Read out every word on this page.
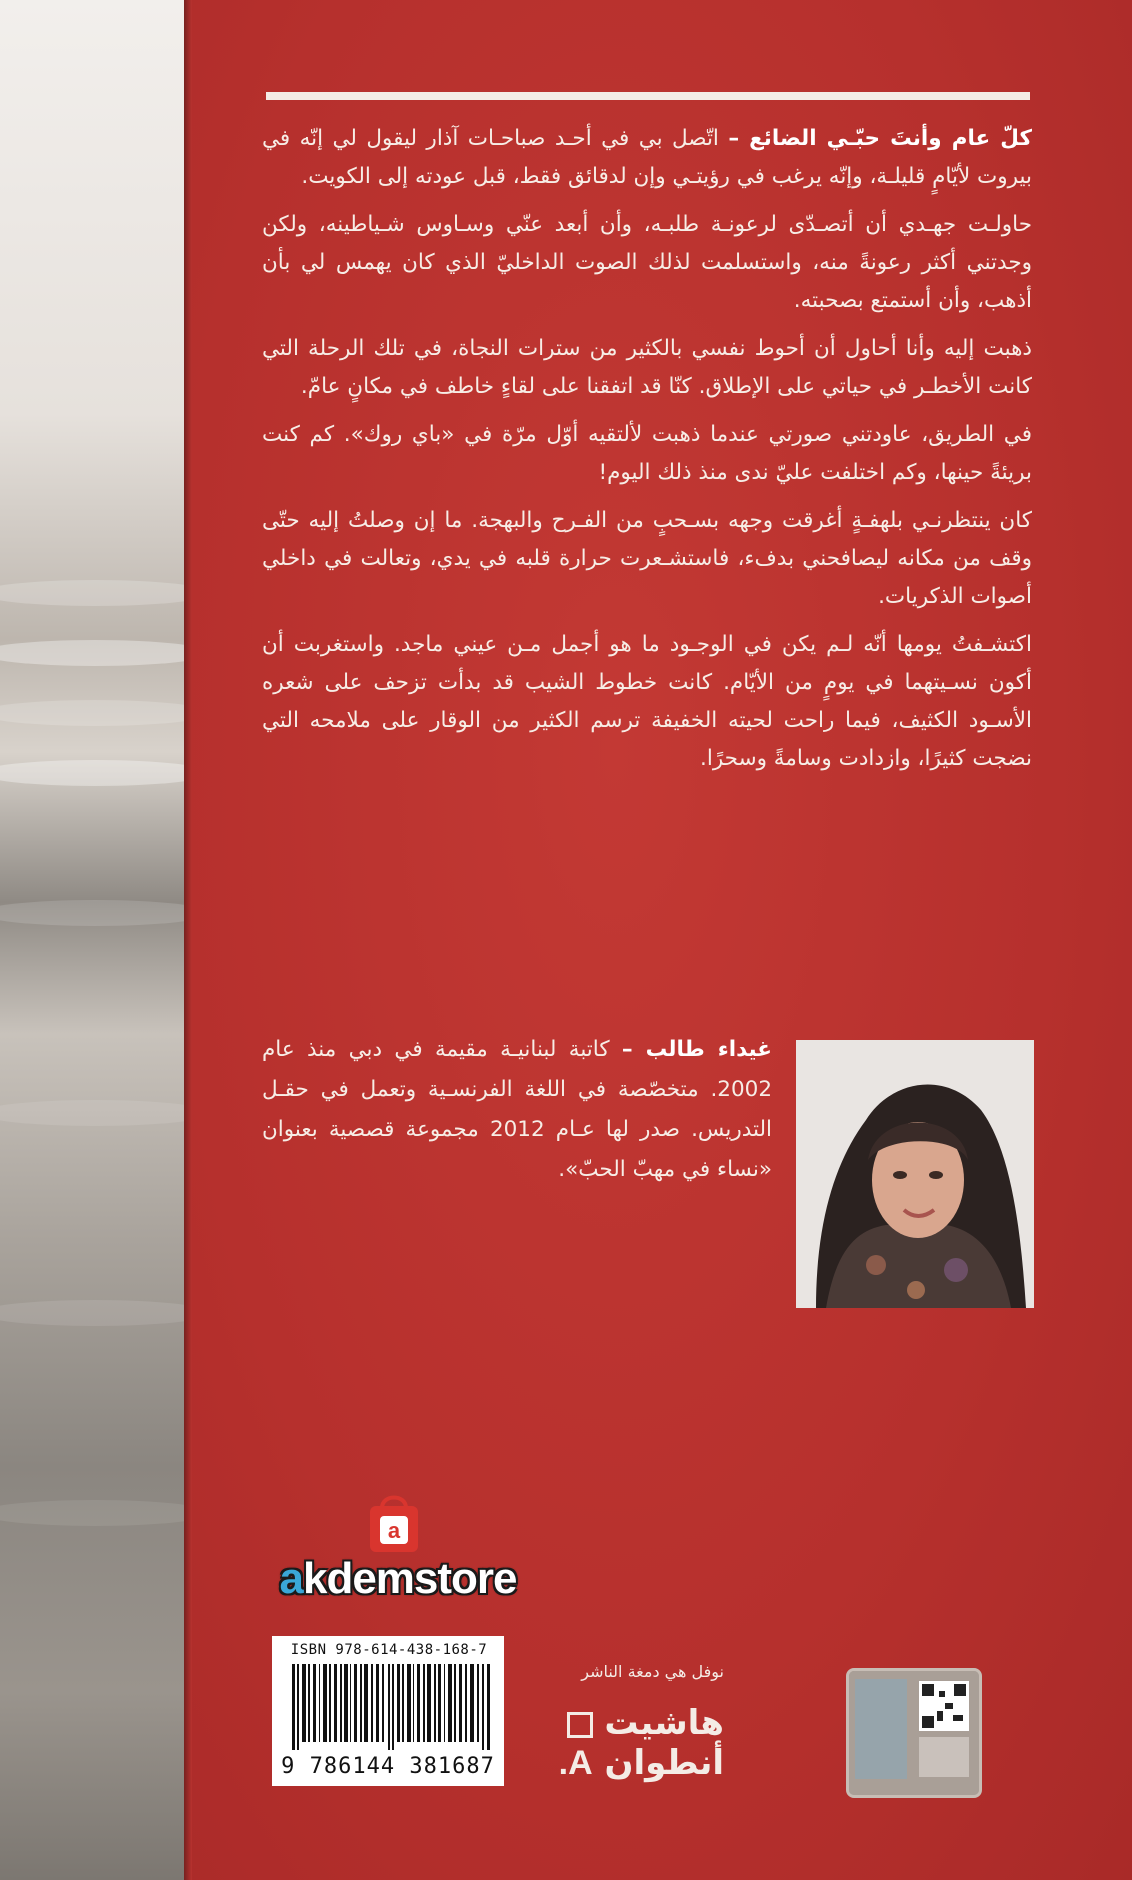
كلّ عام وأنتَ حبّـي الضائع – اتّصل بي في أحـد صباحـات آذار ليقول لي إنّه في بيروت لأيّامٍ قليلـة، وإنّه يرغب في رؤيتـي وإن لدقائق فقط، قبل عودته إلى الكويت.

حاولـت جهـدي أن أتصـدّى لرعونـة طلبـه، وأن أبعد عنّي وسـاوس شـياطينه، ولكن وجدتني أكثر رعونةً منه، واستسلمت لذلك الصوت الداخليّ الذي كان يهمس لي بأن أذهب، وأن أستمتع بصحبته.

ذهبت إليه وأنا أحاول أن أحوط نفسي بالكثير من سترات النجاة، في تلك الرحلة التي كانت الأخطـر في حياتي على الإطلاق. كنّا قد اتفقنا على لقاءٍ خاطف في مكانٍ عامّ.

في الطريق، عاودتني صورتي عندما ذهبت لألتقيه أوّل مرّة في «باي روك». كم كنت بريئةً حينها، وكم اختلفت عليّ ندى منذ ذلك اليوم!

كان ينتظرنـي بلهفـةٍ أغرقت وجهه بسـحبٍ من الفـرح والبهجة. ما إن وصلتُ إليه حتّى وقف من مكانه ليصافحني بدفء، فاستشـعرت حرارة قلبه في يدي، وتعالت في داخلي أصوات الذكريات.

اكتشـفتُ يومها أنّه لـم يكن في الوجـود ما هو أجمل مـن عيني ماجد. واستغربت أن أكون نسـيتهما في يومٍ من الأيّام. كانت خطوط الشيب قد بدأت تزحف على شعره الأسـود الكثيف، فيما راحت لحيته الخفيفة ترسم الكثير من الوقار على ملامحه التي نضجت كثيرًا، وازدادت وسامةً وسحرًا.

غيداء طالب – كاتبة لبنانيـة مقيمة في دبي منذ عام 2002. متخصّصة في اللغة الفرنسـية وتعمل في حقـل التدريس. صدر لها عـام 2012 مجموعة قصصية بعنوان «نساء في مهبّ الحبّ».
a
akdemstore
ISBN 978-614-438-168-7
9 786144 381687
نوفل هي دمغة الناشر
هاشيت
أنطوان A.
